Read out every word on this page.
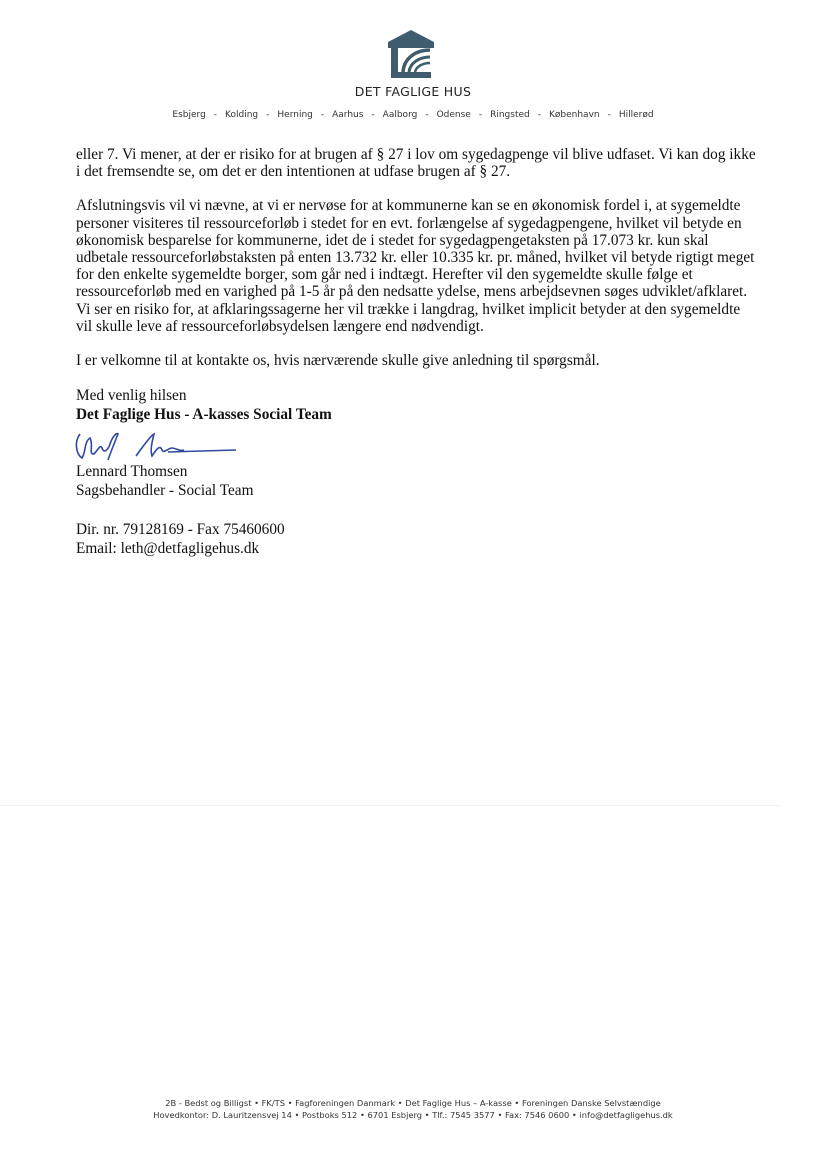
DET FAGLIGE HUS
Esbjerg - Kolding - Herning - Aarhus - Aalborg - Odense - Ringsted - København - Hillerød

eller 7. Vi mener, at der er risiko for at brugen af § 27 i lov om sygedagpenge vil blive udfaset. Vi kan dog ikke i det fremsendte se, om det er den intentionen at udfase brugen af § 27.

Afslutningsvis vil vi nævne, at vi er nervøse for at kommunerne kan se en økonomisk fordel i, at sygemeldte personer visiteres til ressourceforløb i stedet for en evt. forlængelse af sygedagpengene, hvilket vil betyde en økonomisk besparelse for kommunerne, idet de i stedet for sygedagpengetaksten på 17.073 kr. kun skal udbetale ressourceforløbstaksten på enten 13.732 kr. eller 10.335 kr. pr. måned, hvilket vil betyde rigtigt meget for den enkelte sygemeldte borger, som går ned i indtægt. Herefter vil den sygemeldte skulle følge et ressourceforløb med en varighed på 1-5 år på den nedsatte ydelse, mens arbejdsevnen søges udviklet/afklaret. Vi ser en risiko for, at afklaringssagerne her vil trække i langdrag, hvilket implicit betyder at den sygemeldte vil skulle leve af ressourceforløbsydelsen længere end nødvendigt.

I er velkomne til at kontakte os, hvis nærværende skulle give anledning til spørgsmål.

Med venlig hilsen
Det Faglige Hus - A-kasses Social Team
Lennard Thomsen
Sagsbehandler - Social Team
Dir. nr. 79128169 - Fax 75460600
Email: leth@detfagligehus.dk
2B - Bedst og Billigst • FK/TS • Fagforeningen Danmark • Det Faglige Hus – A-kasse • Foreningen Danske Selvstændige
Hovedkontor: D. Lauritzensvej 14 • Postboks 512 • 6701 Esbjerg • Tlf.: 7545 3577 • Fax: 7546 0600 • info@detfagligehus.dk
